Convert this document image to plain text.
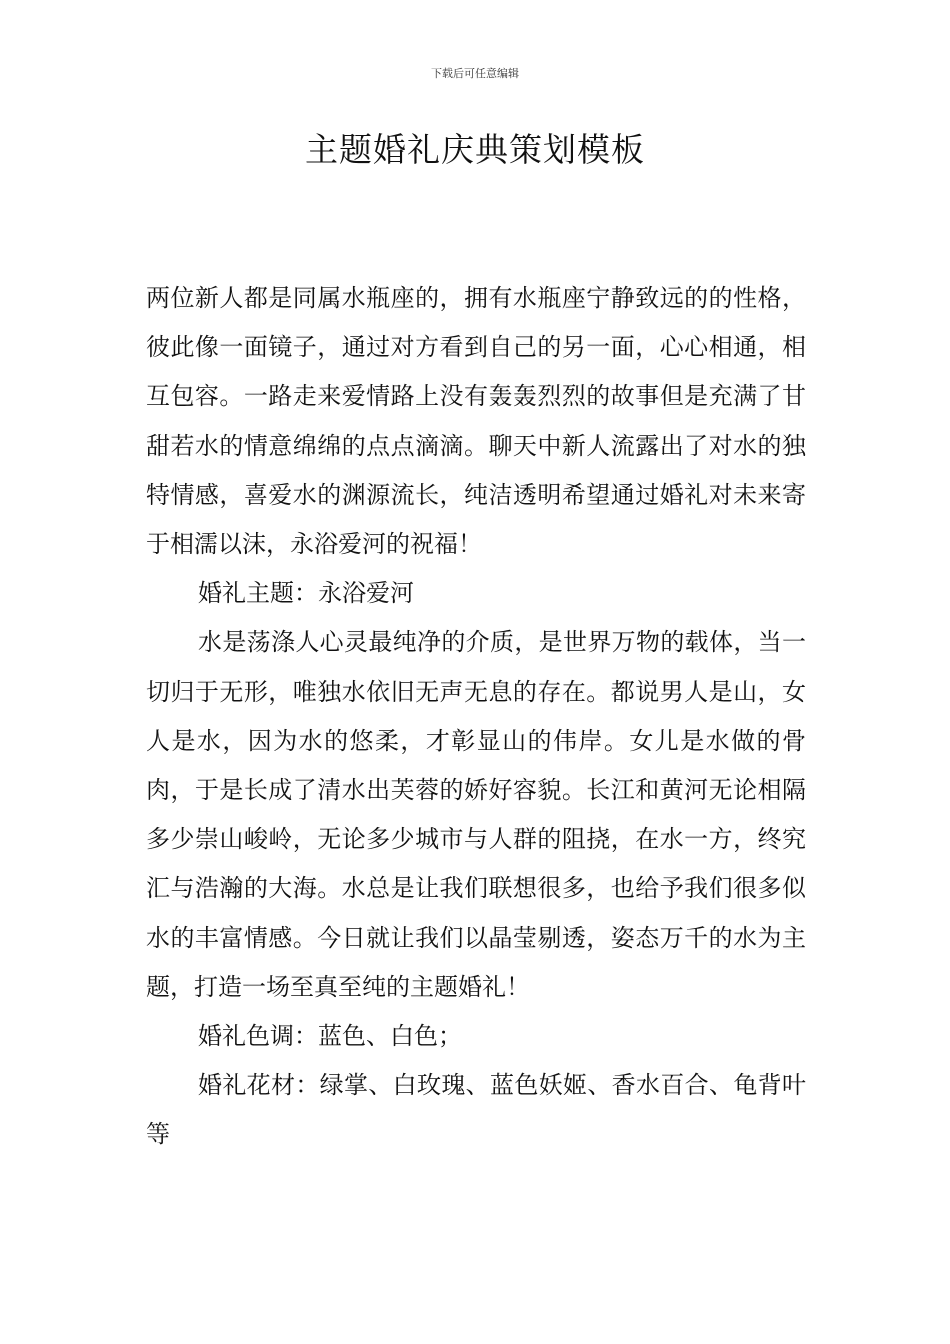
下载后可任意编辑
主题婚礼庆典策划模板

两位新人都是同属水瓶座的，拥有水瓶座宁静致远的的性格，彼此像一面镜子，通过对方看到自己的另一面，心心相通，相互包容。一路走来爱情路上没有轰轰烈烈的故事但是充满了甘甜若水的情意绵绵的点点滴滴。聊天中新人流露出了对水的独特情感，喜爱水的渊源流长，纯洁透明希望通过婚礼对未来寄于相濡以沫，永浴爱河的祝福！

婚礼主题：永浴爱河

水是荡涤人心灵最纯净的介质，是世界万物的载体，当一切归于无形，唯独水依旧无声无息的存在。都说男人是山，女人是水，因为水的悠柔，才彰显山的伟岸。女儿是水做的骨肉，于是长成了清水出芙蓉的娇好容貌。长江和黄河无论相隔多少崇山峻岭，无论多少城市与人群的阻挠，在水一方，终究汇与浩瀚的大海。水总是让我们联想很多，也给予我们很多似水的丰富情感。今日就让我们以晶莹剔透，姿态万千的水为主题，打造一场至真至纯的主题婚礼！

婚礼色调：蓝色、白色；

婚礼花材：绿掌、白玫瑰、蓝色妖姬、香水百合、龟背叶等
